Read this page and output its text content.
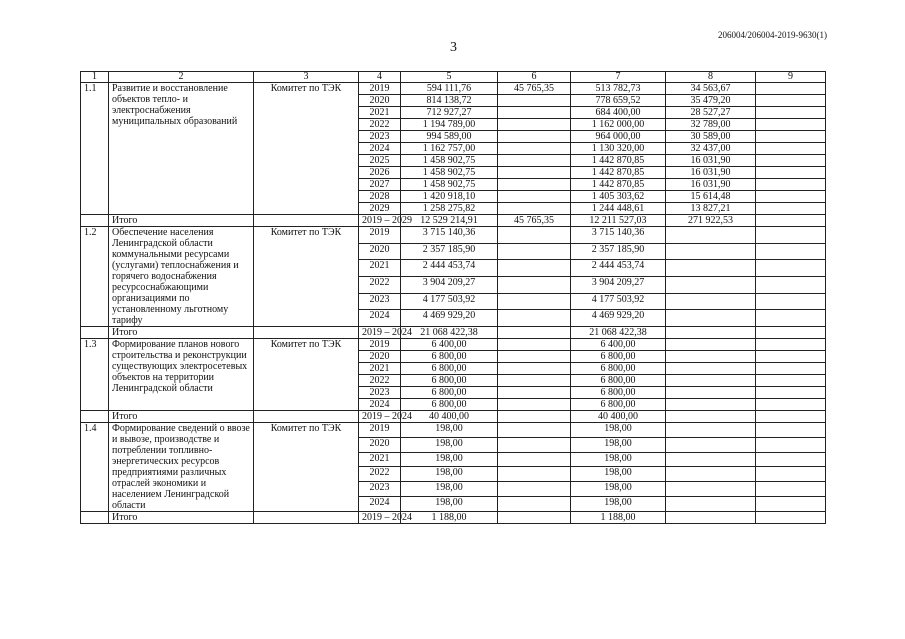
206004/206004-2019-9630(1)
3
1	2	3	4	5	6	7	8	9
1.1	Развитие и восстановление объектов тепло- и электроснабжения муниципальных образований	Комитет по ТЭК	2019	594 111,76	45 765,35	513 782,73	34 563,67	
			2020	814 138,72		778 659,52	35 479,20	
			2021	712 927,27		684 400,00	28 527,27	
			2022	1 194 789,00		1 162 000,00	32 789,00	
			2023	994 589,00		964 000,00	30 589,00	
			2024	1 162 757,00		1 130 320,00	32 437,00	
			2025	1 458 902,75		1 442 870,85	16 031,90	
			2026	1 458 902,75		1 442 870,85	16 031,90	
			2027	1 458 902,75		1 442 870,85	16 031,90	
			2028	1 420 918,10		1 405 303,62	15 614,48	
			2029	1 258 275,82		1 244 448,61	13 827,21	
	Итого		2019 – 2029	12 529 214,91	45 765,35	12 211 527,03	271 922,53	
1.2	Обеспечение населения Ленинградской области коммунальными ресурсами (услугами) теплоснабжения и горячего водоснабжения ресурсоснабжающими организациями по установленному льготному тарифу	Комитет по ТЭК	2019	3 715 140,36		3 715 140,36		
			2020	2 357 185,90		2 357 185,90		
			2021	2 444 453,74		2 444 453,74		
			2022	3 904 209,27		3 904 209,27		
			2023	4 177 503,92		4 177 503,92		
			2024	4 469 929,20		4 469 929,20		
	Итого		2019 – 2024	21 068 422,38		21 068 422,38		
1.3	Формирование планов нового строительства и реконструкции существующих электросетевых объектов на территории Ленинградской области	Комитет по ТЭК	2019	6 400,00		6 400,00		
			2020	6 800,00		6 800,00		
			2021	6 800,00		6 800,00		
			2022	6 800,00		6 800,00		
			2023	6 800,00		6 800,00		
			2024	6 800,00		6 800,00		
	Итого		2019 – 2024	40 400,00		40 400,00		
1.4	Формирование сведений о ввозе и вывозе, производстве и потреблении топливно-энергетических ресурсов предприятиями различных отраслей экономики и населением Ленинградской области	Комитет по ТЭК	2019	198,00		198,00		
			2020	198,00		198,00		
			2021	198,00		198,00		
			2022	198,00		198,00		
			2023	198,00		198,00		
			2024	198,00		198,00		
	Итого		2019 – 2024	1 188,00		1 188,00		
